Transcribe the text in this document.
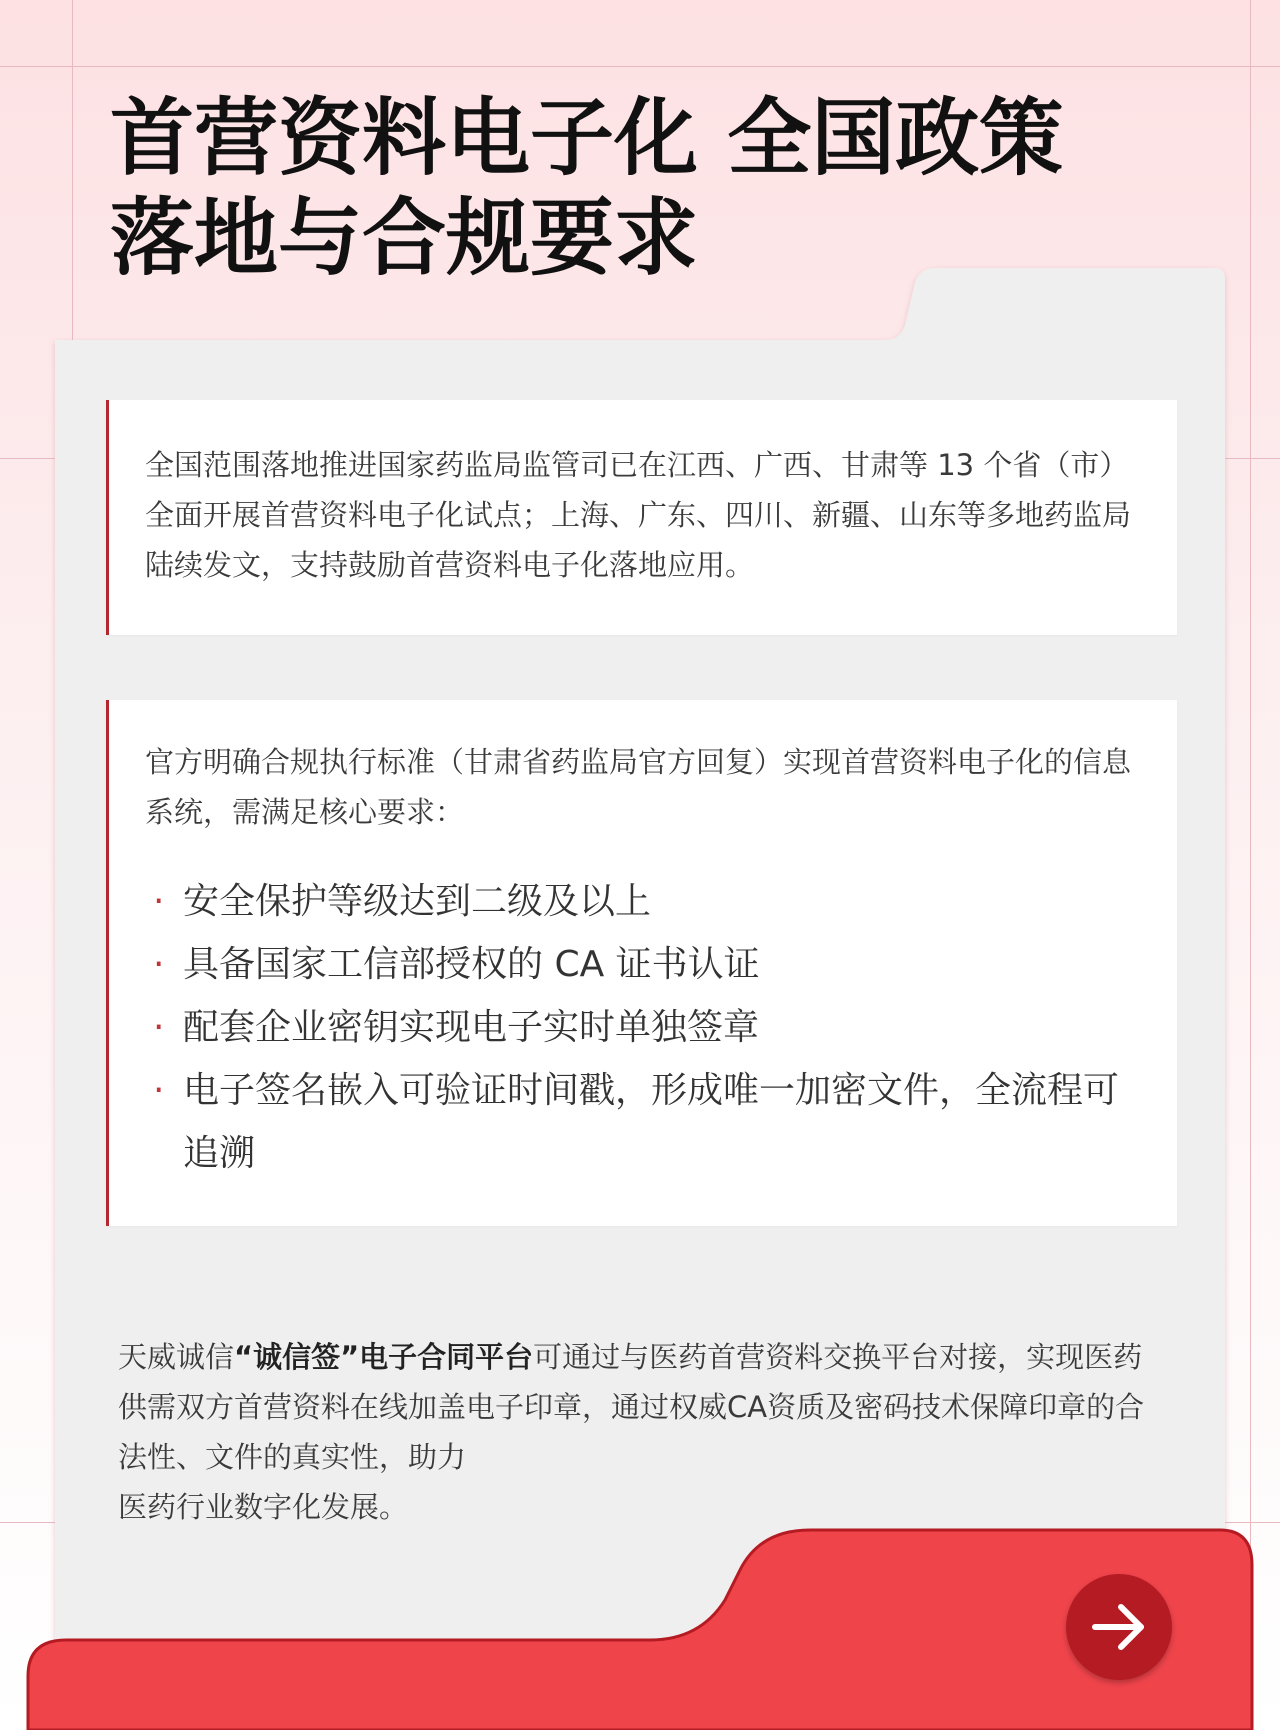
首营资料电子化 全国政策
落地与合规要求

全国范围落地推进国家药监局监管司已在江西、广西、甘肃等 13 个省（市）全面开展首营资料电子化试点；上海、广东、四川、新疆、山东等多地药监局陆续发文，支持鼓励首营资料电子化落地应用。

官方明确合规执行标准（甘肃省药监局官方回复）实现首营资料电子化的信息系统，需满足核心要求：

· 安全保护等级达到二级及以上
· 具备国家工信部授权的 CA 证书认证
· 配套企业密钥实现电子实时单独签章
· 电子签名嵌入可验证时间戳，形成唯一加密文件，全流程可追溯

天威诚信“诚信签”电子合同平台可通过与医药首营资料交换平台对接，实现医药供需双方首营资料在线加盖电子印章，通过权威CA资质及密码技术保障印章的合法性、文件的真实性，助力
医药行业数字化发展。
